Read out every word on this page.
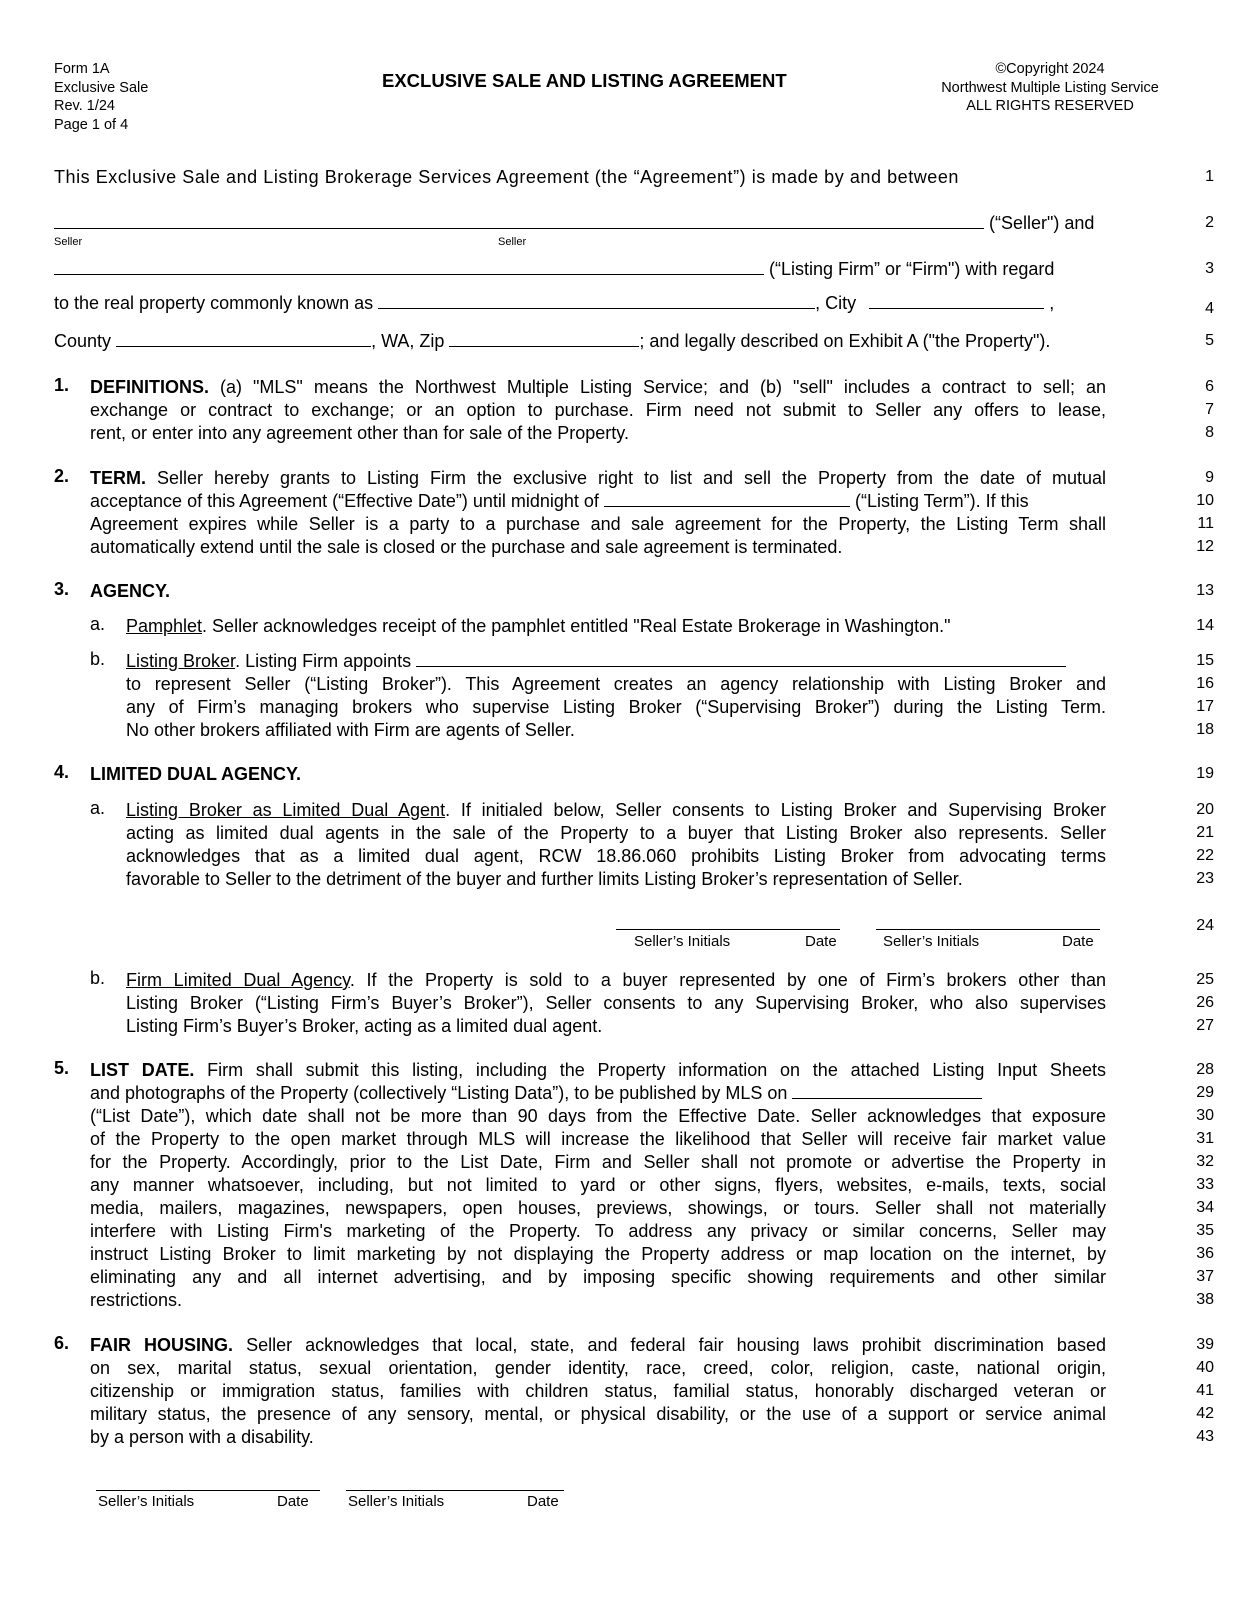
Form 1A
Exclusive Sale
Rev. 1/24
Page 1 of 4
EXCLUSIVE SALE AND LISTING AGREEMENT
©Copyright 2024
Northwest Multiple Listing Service
ALL RIGHTS RESERVED
This Exclusive Sale and Listing Brokerage Services Agreement (the “Agreement”) is made by and between	1
(“Seller") and	2
Seller	Seller
(“Listing Firm” or “Firm") with regard	3
to the real property commonly known as	, City	,	4
County	, WA, Zip	; and legally described on Exhibit A ("the Property").	5
1. DEFINITIONS. (a) "MLS" means the Northwest Multiple Listing Service; and (b) "sell" includes a contract to sell; an	6
exchange or contract to exchange; or an option to purchase. Firm need not submit to Seller any offers to lease,	7
rent, or enter into any agreement other than for sale of the Property.	8
2. TERM. Seller hereby grants to Listing Firm the exclusive right to list and sell the Property from the date of mutual	9
acceptance of this Agreement (“Effective Date”) until midnight of	(“Listing Term”). If this	10
Agreement expires while Seller is a party to a purchase and sale agreement for the Property, the Listing Term shall	11
automatically extend until the sale is closed or the purchase and sale agreement is terminated.	12
3. AGENCY.	13
a. Pamphlet. Seller acknowledges receipt of the pamphlet entitled "Real Estate Brokerage in Washington."	14
b. Listing Broker. Listing Firm appoints	15
to represent Seller (“Listing Broker”). This Agreement creates an agency relationship with Listing Broker and	16
any of Firm’s managing brokers who supervise Listing Broker (“Supervising Broker”) during the Listing Term.	17
No other brokers affiliated with Firm are agents of Seller.	18
4. LIMITED DUAL AGENCY.	19
a. Listing Broker as Limited Dual Agent. If initialed below, Seller consents to Listing Broker and Supervising Broker	20
acting as limited dual agents in the sale of the Property to a buyer that Listing Broker also represents. Seller	21
acknowledges that as a limited dual agent, RCW 18.86.060 prohibits Listing Broker from advocating terms	22
favorable to Seller to the detriment of the buyer and further limits Listing Broker’s representation of Seller.	23
Seller’s Initials	Date	Seller’s Initials	Date
24
b. Firm Limited Dual Agency. If the Property is sold to a buyer represented by one of Firm’s brokers other than	25
Listing Broker (“Listing Firm’s Buyer’s Broker”), Seller consents to any Supervising Broker, who also supervises	26
Listing Firm’s Buyer’s Broker, acting as a limited dual agent.	27
5. LIST DATE. Firm shall submit this listing, including the Property information on the attached Listing Input Sheets	28
and photographs of the Property (collectively “Listing Data”), to be published by MLS on	29
(“List Date”), which date shall not be more than 90 days from the Effective Date. Seller acknowledges that exposure	30
of the Property to the open market through MLS will increase the likelihood that Seller will receive fair market value	31
for the Property. Accordingly, prior to the List Date, Firm and Seller shall not promote or advertise the Property in	32
any manner whatsoever, including, but not limited to yard or other signs, flyers, websites, e-mails, texts, social	33
media, mailers, magazines, newspapers, open houses, previews, showings, or tours. Seller shall not materially	34
interfere with Listing Firm's marketing of the Property. To address any privacy or similar concerns, Seller may	35
instruct Listing Broker to limit marketing by not displaying the Property address or map location on the internet, by	36
eliminating any and all internet advertising, and by imposing specific showing requirements and other similar	37
restrictions.	38
6. FAIR HOUSING. Seller acknowledges that local, state, and federal fair housing laws prohibit discrimination based	39
on sex, marital status, sexual orientation, gender identity, race, creed, color, religion, caste, national origin,	40
citizenship or immigration status, families with children status, familial status, honorably discharged veteran or	41
military status, the presence of any sensory, mental, or physical disability, or the use of a support or service animal	42
by a person with a disability.	43
Seller’s Initials	Date	Seller’s Initials	Date
